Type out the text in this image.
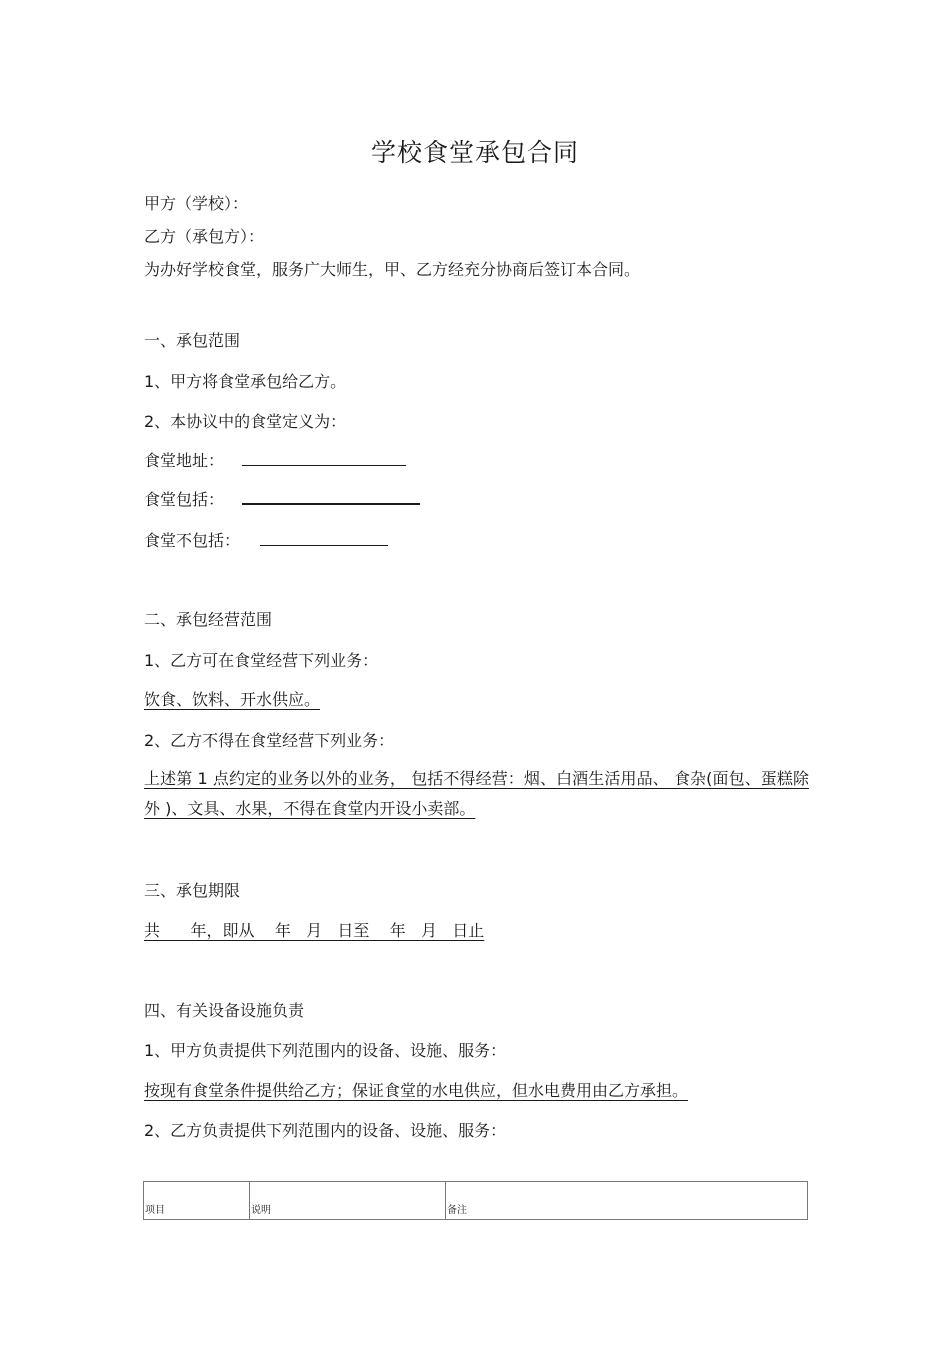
学校食堂承包合同
甲方（学校）：
乙方（承包方）：
为办好学校食堂，服务广大师生，甲、乙方经充分协商后签订本合同。
一、承包范围
1、甲方将食堂承包给乙方。
2、本协议中的食堂定义为：
食堂地址：
食堂包括：
食堂不包括：
二、承包经营范围
1、乙方可在食堂经营下列业务：
饮食、饮料、开水供应。
2、乙方不得在食堂经营下列业务：
上述第 1 点约定的业务以外的业务， 包括不得经营：烟、白酒生活用品、 食杂(面包、蛋糕除外 )、文具、水果，不得在食堂内开设小卖部。
三、承包期限
共      年，即从    年   月   日至    年   月   日止
四、有关设备设施负责
1、甲方负责提供下列范围内的设备、设施、服务：
按现有食堂条件提供给乙方；保证食堂的水电供应，但水电费用由乙方承担。
2、乙方负责提供下列范围内的设备、设施、服务：
项目	说明	备注
